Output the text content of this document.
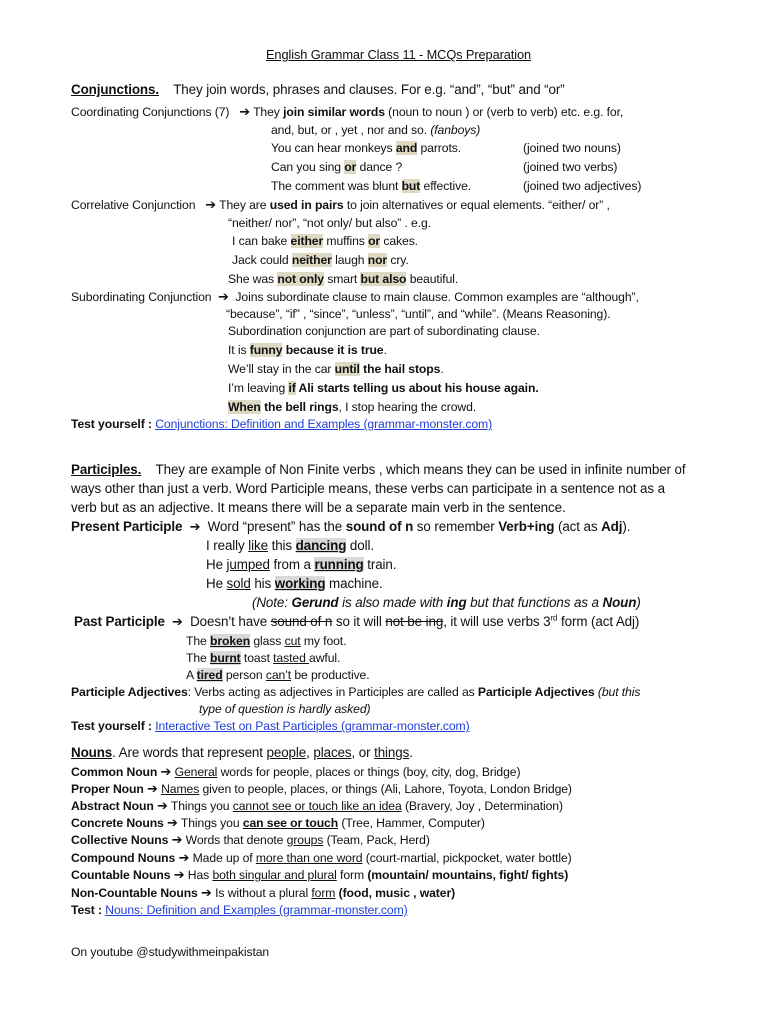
English Grammar Class 11 - MCQs Preparation
Conjunctions. They join words, phrases and clauses. For e.g. “and”, “but” and “or”
Coordinating Conjunctions (7) ➔ They join similar words (noun to noun ) or (verb to verb) etc. e.g. for,
and, but, or , yet , nor and so. (fanboys)
You can hear monkeys and parrots.	(joined two nouns)
Can you sing or dance ?	(joined two verbs)
The comment was blunt but effective.	(joined two adjectives)
Correlative Conjunction ➔ They are used in pairs to join alternatives or equal elements. “either/ or” ,
“neither/ nor”, “not only/ but also” . e.g.
I can bake either muffins or cakes.
Jack could neither laugh nor cry.
She was not only smart but also beautiful.
Subordinating Conjunction ➔ Joins subordinate clause to main clause. Common examples are “although”,
“because”, “if” , “since”, “unless”, “until”, and “while”. (Means Reasoning).
Subordination conjunction are part of subordinating clause.
It is funny because it is true.
We’ll stay in the car until the hail stops.
I’m leaving if Ali starts telling us about his house again.
When the bell rings, I stop hearing the crowd.
Test yourself : Conjunctions: Definition and Examples (grammar-monster.com)
Participles. They are example of Non Finite verbs , which means they can be used in infinite number of
ways other than just a verb. Word Participle means, these verbs can participate in a sentence not as a
verb but as an adjective. It means there will be a separate main verb in the sentence.
Present Participle ➔ Word “present” has the sound of n so remember Verb+ing (act as Adj).
I really like this dancing doll.
He jumped from a running train.
He sold his working machine.
(Note: Gerund is also made with ing but that functions as a Noun)
Past Participle ➔ Doesn’t have sound of n so it will not be ing, it will use verbs 3rd form (act Adj)
The broken glass cut my foot.
The burnt toast tasted awful.
A tired person can’t be productive.
Participle Adjectives: Verbs acting as adjectives in Participles are called as Participle Adjectives (but this
type of question is hardly asked)
Test yourself : Interactive Test on Past Participles (grammar-monster.com)
Nouns. Are words that represent people, places, or things.
Common Noun ➔ General words for people, places or things (boy, city, dog, Bridge)
Proper Noun ➔ Names given to people, places, or things (Ali, Lahore, Toyota, London Bridge)
Abstract Noun ➔ Things you cannot see or touch like an idea (Bravery, Joy , Determination)
Concrete Nouns ➔ Things you can see or touch (Tree, Hammer, Computer)
Collective Nouns ➔ Words that denote groups (Team, Pack, Herd)
Compound Nouns ➔ Made up of more than one word (court-martial, pickpocket, water bottle)
Countable Nouns ➔ Has both singular and plural form (mountain/ mountains, fight/ fights)
Non-Countable Nouns ➔ Is without a plural form (food, music , water)
Test : Nouns: Definition and Examples (grammar-monster.com)
On youtube @studywithmeinpakistan
